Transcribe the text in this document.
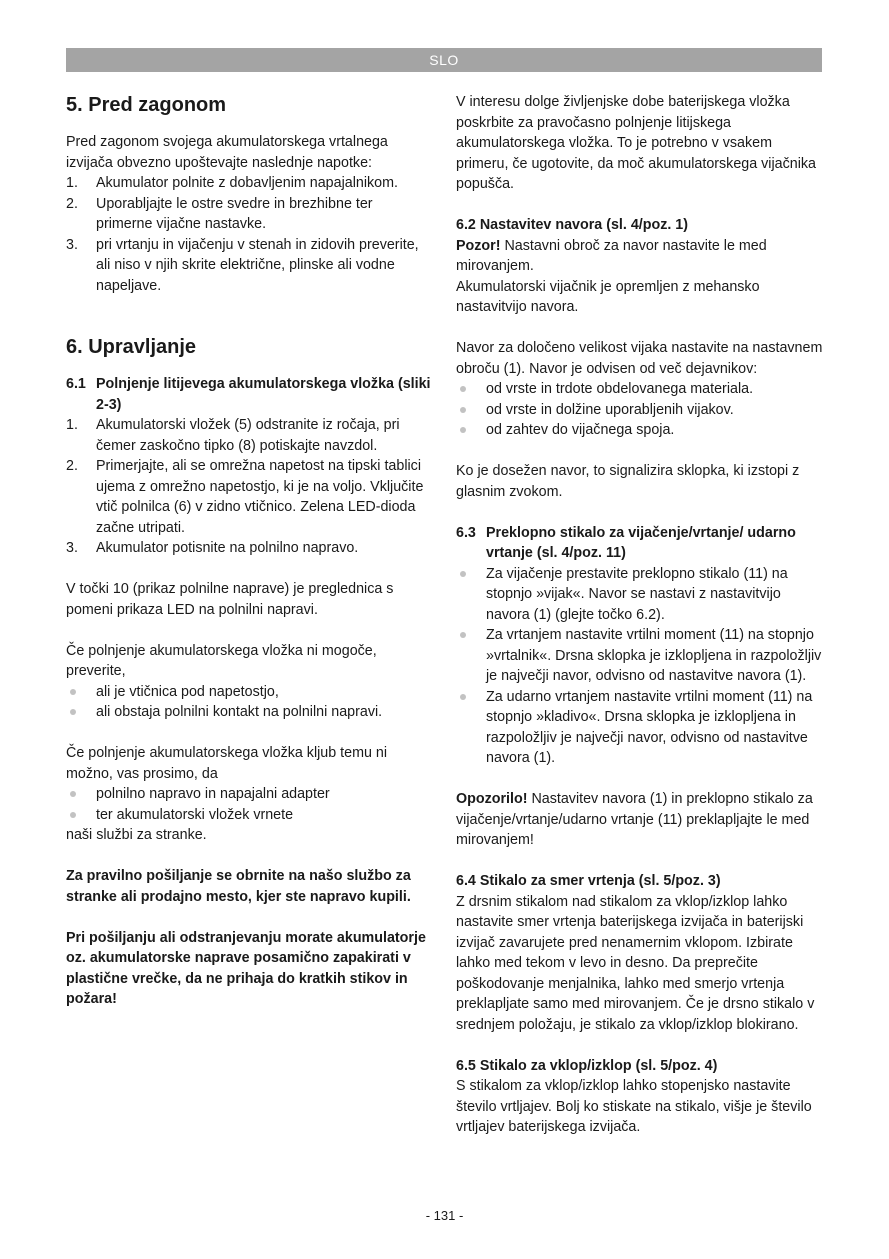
SLO
5. Pred zagonom

Pred zagonom svojega akumulatorskega vrtalnega izvijača obvezno upoštevajte naslednje napotke:

1. Akumulator polnite z dobavljenim napajalnikom.
2. Uporabljajte le ostre svedre in brezhibne ter primerne vijačne nastavke.
3. pri vrtanju in vijačenju v stenah in zidovih preverite, ali niso v njih skrite električne, plinske ali vodne napeljave.
6. Upravljanje

6.1 Polnjenje litijevega akumulatorskega vložka (sliki 2-3)

1. Akumulatorski vložek (5) odstranite iz ročaja, pri čemer zaskočno tipko (8) potiskajte navzdol.
2. Primerjajte, ali se omrežna napetost na tipski tablici ujema z omrežno napetostjo, ki je na voljo. Vključite vtič polnilca (6) v zidno vtičnico. Zelena LED-dioda začne utripati.
3. Akumulator potisnite na polnilno napravo.

V točki 10 (prikaz polnilne naprave) je preglednica s pomeni prikaza LED na polnilni napravi.

Če polnjenje akumulatorskega vložka ni mogoče, preverite,

ali je vtičnica pod napetostjo,
ali obstaja polnilni kontakt na polnilni napravi.

Če polnjenje akumulatorskega vložka kljub temu ni možno, vas prosimo, da

polnilno napravo in napajalni adapter
ter akumulatorski vložek vrnete

naši službi za stranke.

Za pravilno pošiljanje se obrnite na našo službo za stranke ali prodajno mesto, kjer ste napravo kupili.

Pri pošiljanju ali odstranjevanju morate akumulatorje oz. akumulatorske naprave posamično zapakirati v plastične vrečke, da ne prihaja do kratkih stikov in požara!

V interesu dolge življenjske dobe baterijskega vložka poskrbite za pravočasno polnjenje litijskega akumulatorskega vložka. To je potrebno v vsakem primeru, če ugotovite, da moč akumulatorskega vijačnika popušča.

6.2 Nastavitev navora (sl. 4/poz. 1)

Pozor! Nastavni obroč za navor nastavite le med mirovanjem.

Akumulatorski vijačnik je opremljen z mehansko nastavitvijo navora.

Navor za določeno velikost vijaka nastavite na nastavnem obroču (1). Navor je odvisen od več dejavnikov:

od vrste in trdote obdelovanega materiala.
od vrste in dolžine uporabljenih vijakov.
od zahtev do vijačnega spoja.

Ko je dosežen navor, to signalizira sklopka, ki izstopi z glasnim zvokom.

6.3 Preklopno stikalo za vijačenje/vrtanje/ udarno vrtanje (sl. 4/poz. 11)

Za vijačenje prestavite preklopno stikalo (11) na stopnjo »vijak«. Navor se nastavi z nastavitvijo navora (1) (glejte točko 6.2).
Za vrtanjem nastavite vrtilni moment (11) na stopnjo »vrtalnik«. Drsna sklopka je izklopljena in razpoložljiv je največji navor, odvisno od nastavitve navora (1).
Za udarno vrtanjem nastavite vrtilni moment (11) na stopnjo »kladivo«. Drsna sklopka je izklopljena in razpoložljiv je največji navor, odvisno od nastavitve navora (1).

Opozorilo! Nastavitev navora (1) in preklopno stikalo za vijačenje/vrtanje/udarno vrtanje (11) preklapljajte le med mirovanjem!

6.4 Stikalo za smer vrtenja (sl. 5/poz. 3)

Z drsnim stikalom nad stikalom za vklop/izklop lahko nastavite smer vrtenja baterijskega izvijača in baterijski izvijač zavarujete pred nenamernim vklopom. Izbirate lahko med tekom v levo in desno. Da preprečite poškodovanje menjalnika, lahko med smerjo vrtenja preklapljate samo med mirovanjem. Če je drsno stikalo v srednjem položaju, je stikalo za vklop/izklop blokirano.

6.5 Stikalo za vklop/izklop (sl. 5/poz. 4)

S stikalom za vklop/izklop lahko stopenjsko nastavite število vrtljajev. Bolj ko stiskate na stikalo, višje je število vrtljajev baterijskega izvijača.

- 131 -
